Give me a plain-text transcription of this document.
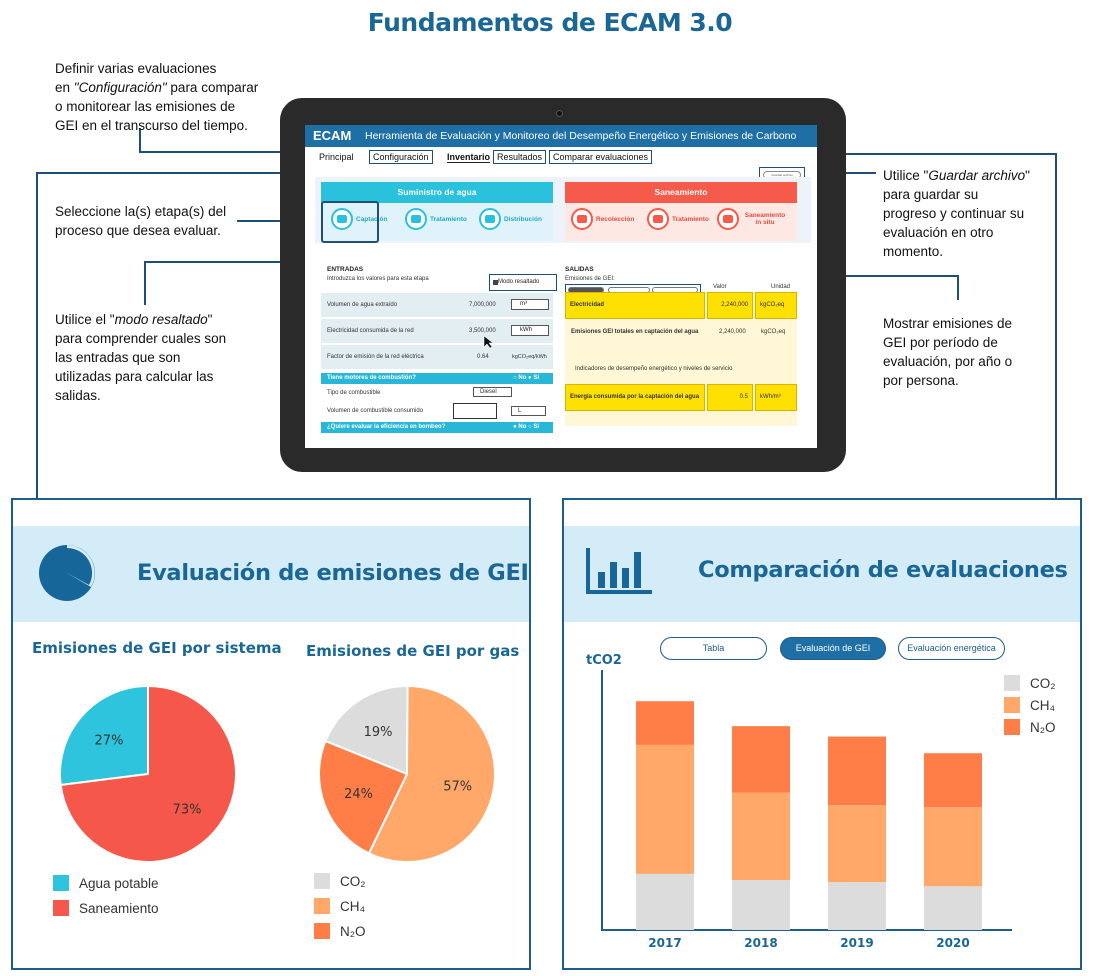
Fundamentos de ECAM 3.0
Definir varias evaluaciones
en "Configuración" para comparar
o monitorear las emisiones de
GEI en el transcurso del tiempo.
Seleccione la(s) etapa(s) del
proceso que desea evaluar.
Utilice el "modo resaltado"
para comprender cuales son
las entradas que son
utilizadas para calcular las
salidas.
Utilice "Guardar archivo"
para guardar su
progreso y continuar su
evaluación en otro
momento.
Mostrar emisiones de
GEI por período de
evaluación, por año o
por persona.
ECAM Herramienta de Evaluación y Monitoreo del Desempeño Energético y Emisiones de Carbono
Principal	Configuración	Inventario Resultados	Comparar evaluaciones
Guardar archivo
Suministro de agua
Captación	Tratamiento	Distribución
Saneamiento
Recolección	Tratamiento	Saneamiento in situ
ENTRADAS
Introduzca los valores para esta etapa	Modo resaltado
Volumen de agua extraído	7,000,000	m³
Electricidad consumida de la red	3,500,000	kWh
Factor de emisión de la red eléctrica	0.64	kgCO₂eq/kWh
Tiene motores de combustión?	○ No ● Sí
Tipo de combustible	Diesel
Volumen de combustible consumido	L
¿Quiere evaluar la eficiencia en bombeo?	● No ○ Sí
SALIDAS
Emisiones de GEI:
Valor	Unidad
Electricidad	2,240,000	kgCO₂eq
Emisiones GEI totales en captación del agua	2,240,000	kgCO₂eq
Indicadores de desempeño energético y niveles de servicio
Energía consumida por la captación del agua	0.5	kWh/m³
Evaluación de emisiones de GEI
Emisiones de GEI por sistema Emisiones de GEI por gas
27%
73%
19%
57%
24%
Agua potable
Saneamiento
CO₂
CH₄
N₂O
Comparación de evaluaciones
Tabla	Evaluación de GEI	Evaluación energética
tCO2
2017	2018	2019	2020
CO₂
CH₄
N₂O
